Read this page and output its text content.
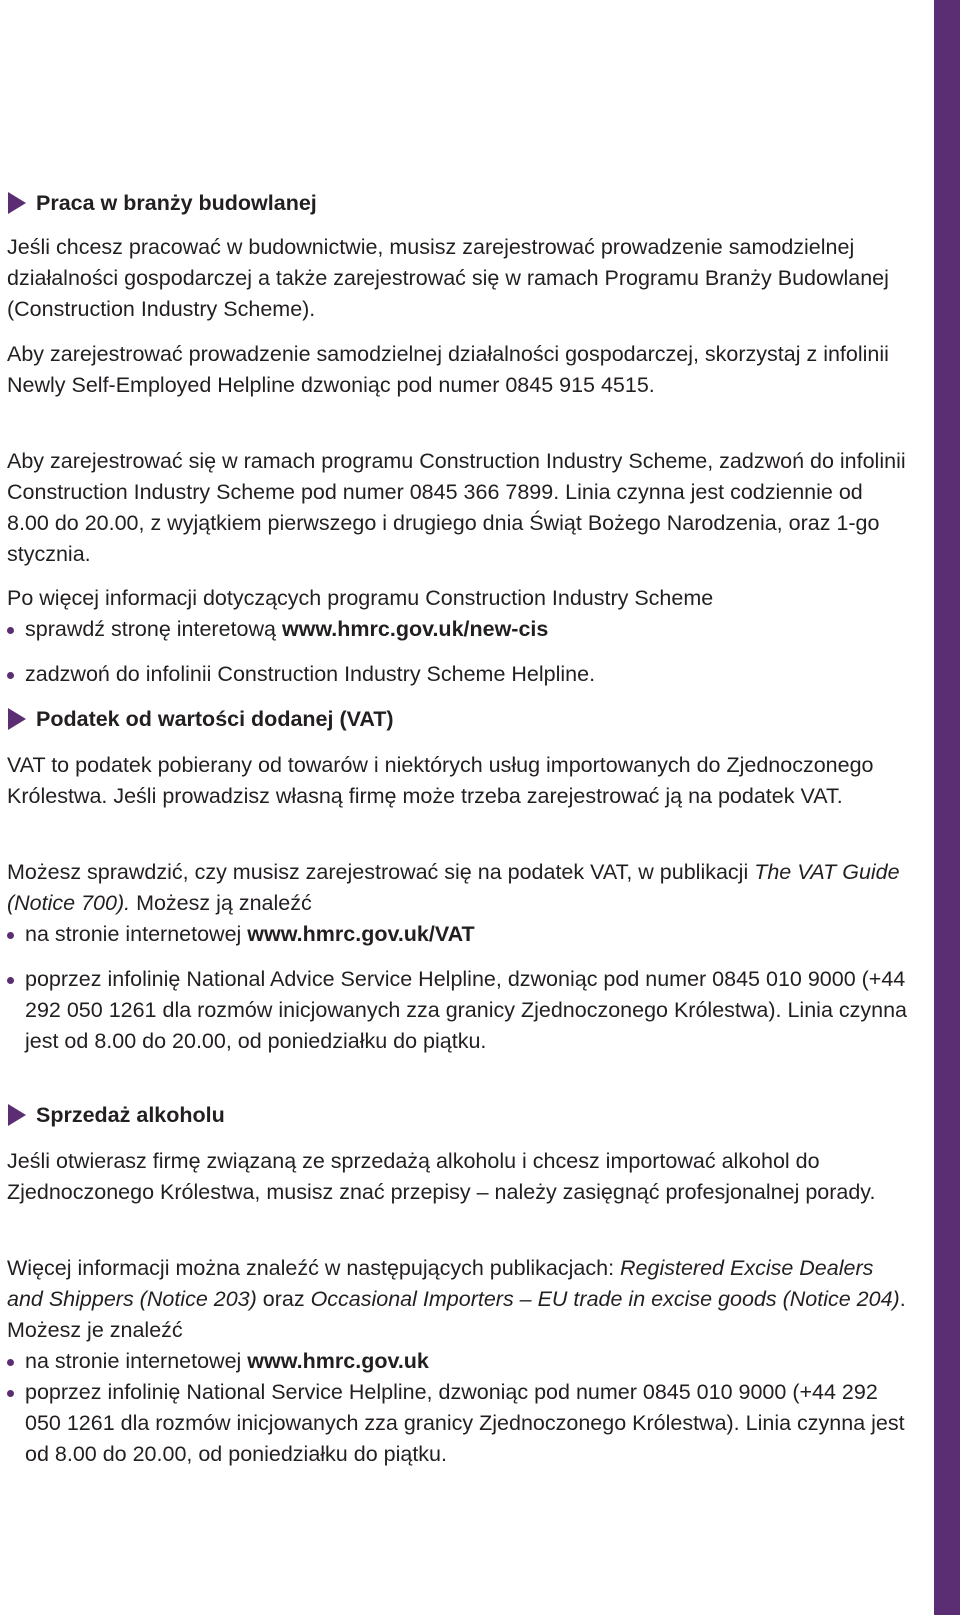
Praca w branży budowlanej
Jeśli chcesz pracować w budownictwie, musisz zarejestrować prowadzenie samodzielnej działalności gospodarczej a także zarejestrować się w ramach Programu Branży Budowlanej (Construction Industry Scheme).
Aby zarejestrować prowadzenie samodzielnej działalności gospodarczej, skorzystaj z infolinii Newly Self-Employed Helpline dzwoniąc pod numer 0845 915 4515.
Aby zarejestrować się w ramach programu Construction Industry Scheme, zadzwoń do infolinii Construction Industry Scheme pod numer 0845 366 7899. Linia czynna jest codziennie od 8.00 do 20.00, z wyjątkiem pierwszego i drugiego dnia Świąt Bożego Narodzenia, oraz 1-go stycznia.
Po więcej informacji dotyczących programu Construction Industry Scheme
sprawdź stronę interetową www.hmrc.gov.uk/new-cis
zadzwoń do infolinii Construction Industry Scheme Helpline.
Podatek od wartości dodanej (VAT)
VAT to podatek pobierany od towarów i niektórych usług importowanych do Zjednoczonego Królestwa. Jeśli prowadzisz własną firmę może trzeba zarejestrować ją na podatek VAT.
Możesz sprawdzić, czy musisz zarejestrować się na podatek VAT, w publikacji The VAT Guide (Notice 700). Możesz ją znaleźć
na stronie internetowej www.hmrc.gov.uk/VAT
poprzez infolinię National Advice Service Helpline, dzwoniąc pod numer 0845 010 9000 (+44 292 050 1261 dla rozmów inicjowanych zza granicy Zjednoczonego Królestwa). Linia czynna jest od 8.00 do 20.00, od poniedziałku do piątku.
Sprzedaż alkoholu
Jeśli otwierasz firmę związaną ze sprzedażą alkoholu i chcesz importować alkohol do Zjednoczonego Królestwa, musisz znać przepisy – należy zasięgnąć profesjonalnej porady.
Więcej informacji można znaleźć w następujących publikacjach: Registered Excise Dealers and Shippers (Notice 203) oraz Occasional Importers – EU trade in excise goods (Notice 204). Możesz je znaleźć
na stronie internetowej www.hmrc.gov.uk
poprzez infolinię National Service Helpline, dzwoniąc pod numer 0845 010 9000 (+44 292 050 1261 dla rozmów inicjowanych zza granicy Zjednoczonego Królestwa). Linia czynna jest od 8.00 do 20.00, od poniedziałku do piątku.
